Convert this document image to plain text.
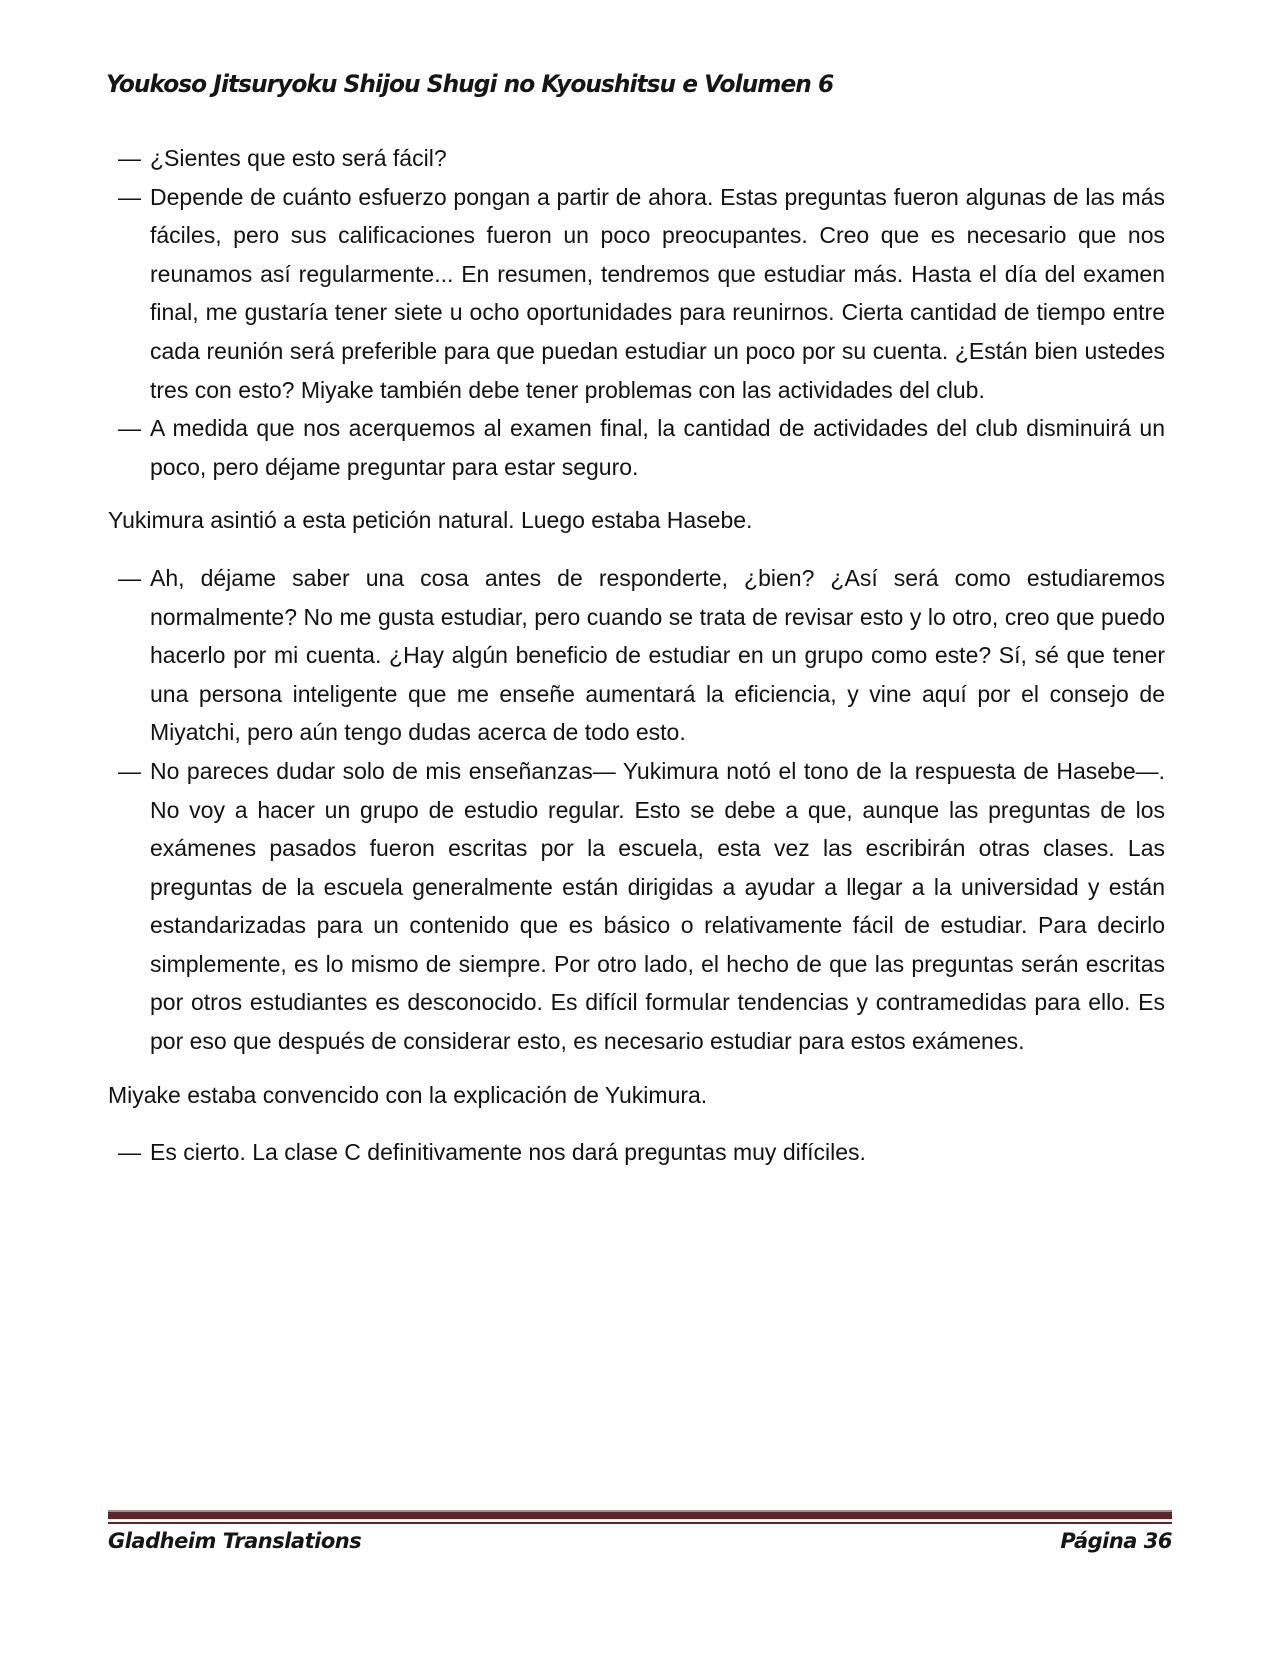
Youkoso Jitsuryoku Shijou Shugi no Kyoushitsu e Volumen 6

— ¿Sientes que esto será fácil?

— Depende de cuánto esfuerzo pongan a partir de ahora. Estas preguntas fueron algunas de las más fáciles, pero sus calificaciones fueron un poco preocupantes. Creo que es necesario que nos reunamos así regularmente... En resumen, tendremos que estudiar más. Hasta el día del examen final, me gustaría tener siete u ocho oportunidades para reunirnos. Cierta cantidad de tiempo entre cada reunión será preferible para que puedan estudiar un poco por su cuenta. ¿Están bien ustedes tres con esto? Miyake también debe tener problemas con las actividades del club.

— A medida que nos acerquemos al examen final, la cantidad de actividades del club disminuirá un poco, pero déjame preguntar para estar seguro.

Yukimura asintió a esta petición natural. Luego estaba Hasebe.

— Ah, déjame saber una cosa antes de responderte, ¿bien? ¿Así será como estudiaremos normalmente? No me gusta estudiar, pero cuando se trata de revisar esto y lo otro, creo que puedo hacerlo por mi cuenta. ¿Hay algún beneficio de estudiar en un grupo como este? Sí, sé que tener una persona inteligente que me enseñe aumentará la eficiencia, y vine aquí por el consejo de Miyatchi, pero aún tengo dudas acerca de todo esto.

— No pareces dudar solo de mis enseñanzas— Yukimura notó el tono de la respuesta de Hasebe—. No voy a hacer un grupo de estudio regular. Esto se debe a que, aunque las preguntas de los exámenes pasados fueron escritas por la escuela, esta vez las escribirán otras clases. Las preguntas de la escuela generalmente están dirigidas a ayudar a llegar a la universidad y están estandarizadas para un contenido que es básico o relativamente fácil de estudiar. Para decirlo simplemente, es lo mismo de siempre. Por otro lado, el hecho de que las preguntas serán escritas por otros estudiantes es desconocido. Es difícil formular tendencias y contramedidas para ello. Es por eso que después de considerar esto, es necesario estudiar para estos exámenes.

Miyake estaba convencido con la explicación de Yukimura.

— Es cierto. La clase C definitivamente nos dará preguntas muy difíciles.

Gladheim Translations	Página 36
